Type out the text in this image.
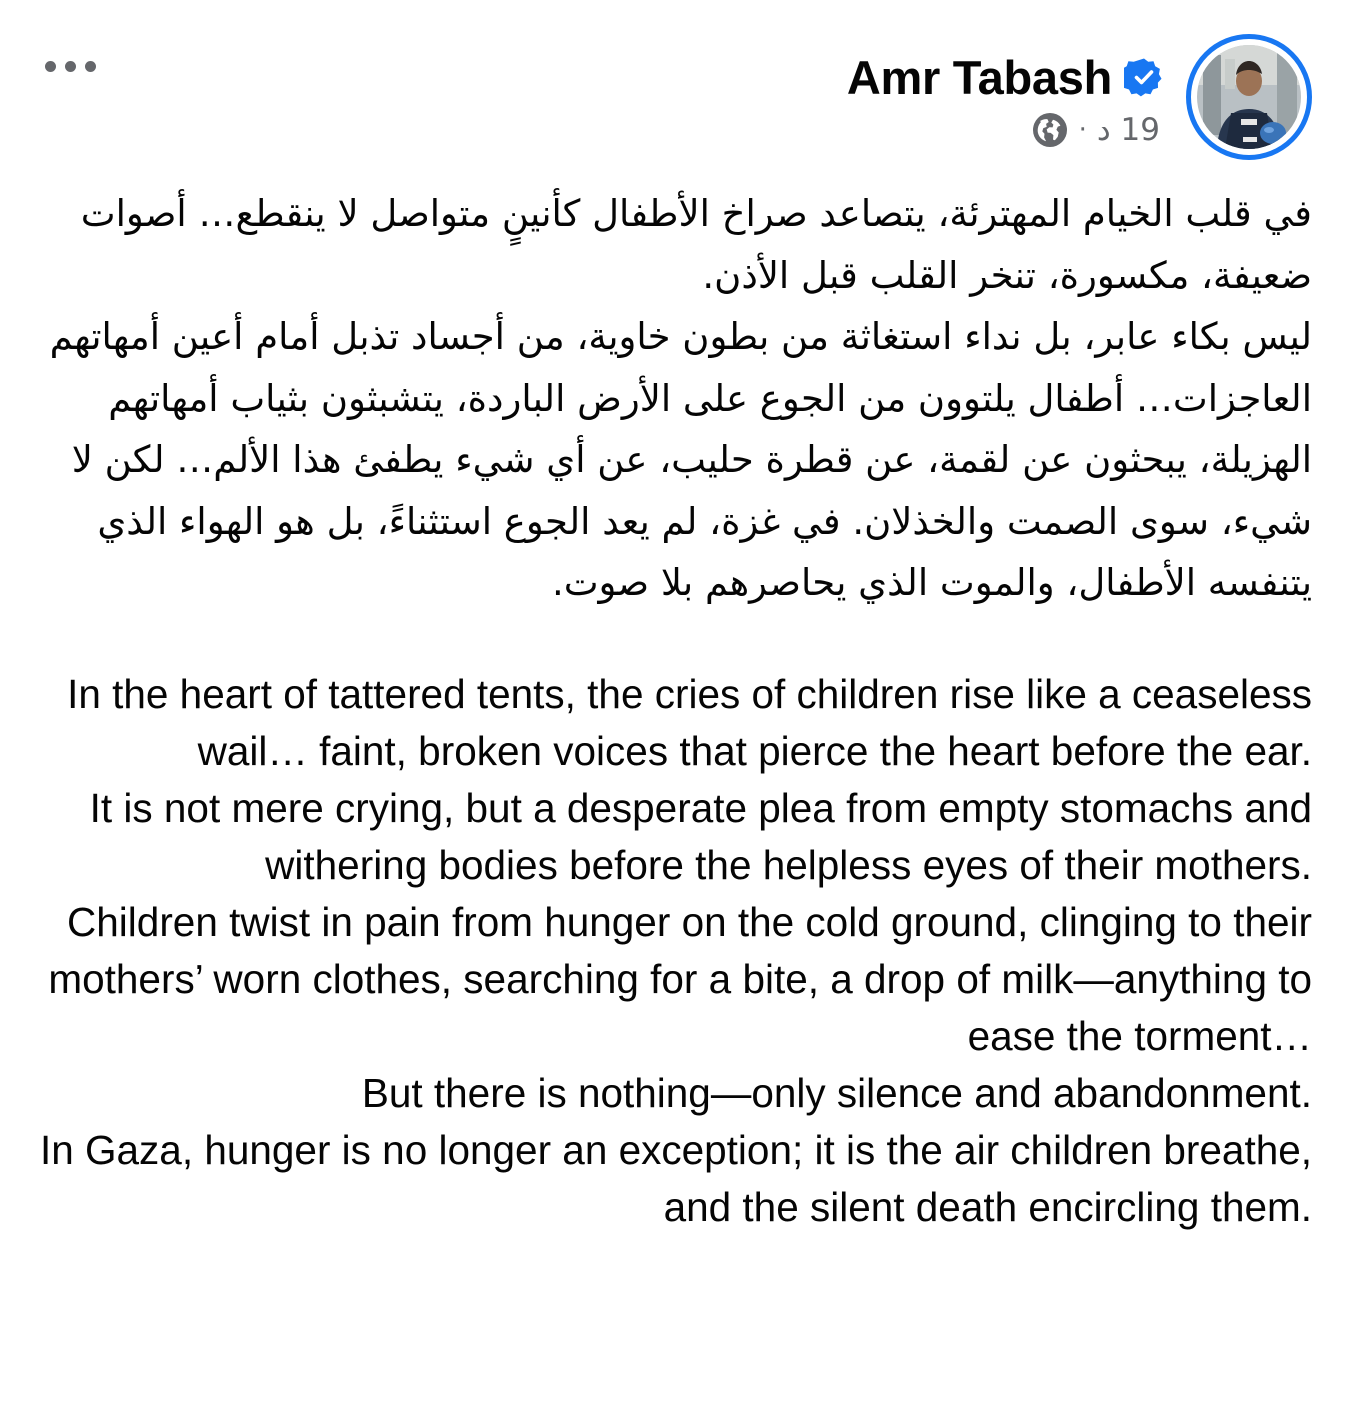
Amr Tabash
· 19 د

في قلب الخيام المهترئة، يتصاعد صراخ الأطفال كأنينٍ متواصل لا ينقطع… أصوات ضعيفة، مكسورة، تنخر القلب قبل الأذن.
ليس بكاء عابر، بل نداء استغاثة من بطون خاوية، من أجساد تذبل أمام أعين أمهاتهم العاجزات… أطفال يلتوون من الجوع على الأرض الباردة، يتشبثون بثياب أمهاتهم الهزيلة، يبحثون عن لقمة، عن قطرة حليب، عن أي شيء يطفئ هذا الألم… لكن لا شيء، سوى الصمت والخذلان. في غزة، لم يعد الجوع استثناءً، بل هو الهواء الذي يتنفسه الأطفال، والموت الذي يحاصرهم بلا صوت.

In the heart of tattered tents, the cries of children rise like a ceaseless wail… faint, broken voices that pierce the heart before the ear.
It is not mere crying, but a desperate plea from empty stomachs and withering bodies before the helpless eyes of their mothers.
Children twist in pain from hunger on the cold ground, clinging to their mothers’ worn clothes, searching for a bite, a drop of milk—anything to ease the torment…
But there is nothing—only silence and abandonment.
In Gaza, hunger is no longer an exception; it is the air children breathe, and the silent death encircling them.
